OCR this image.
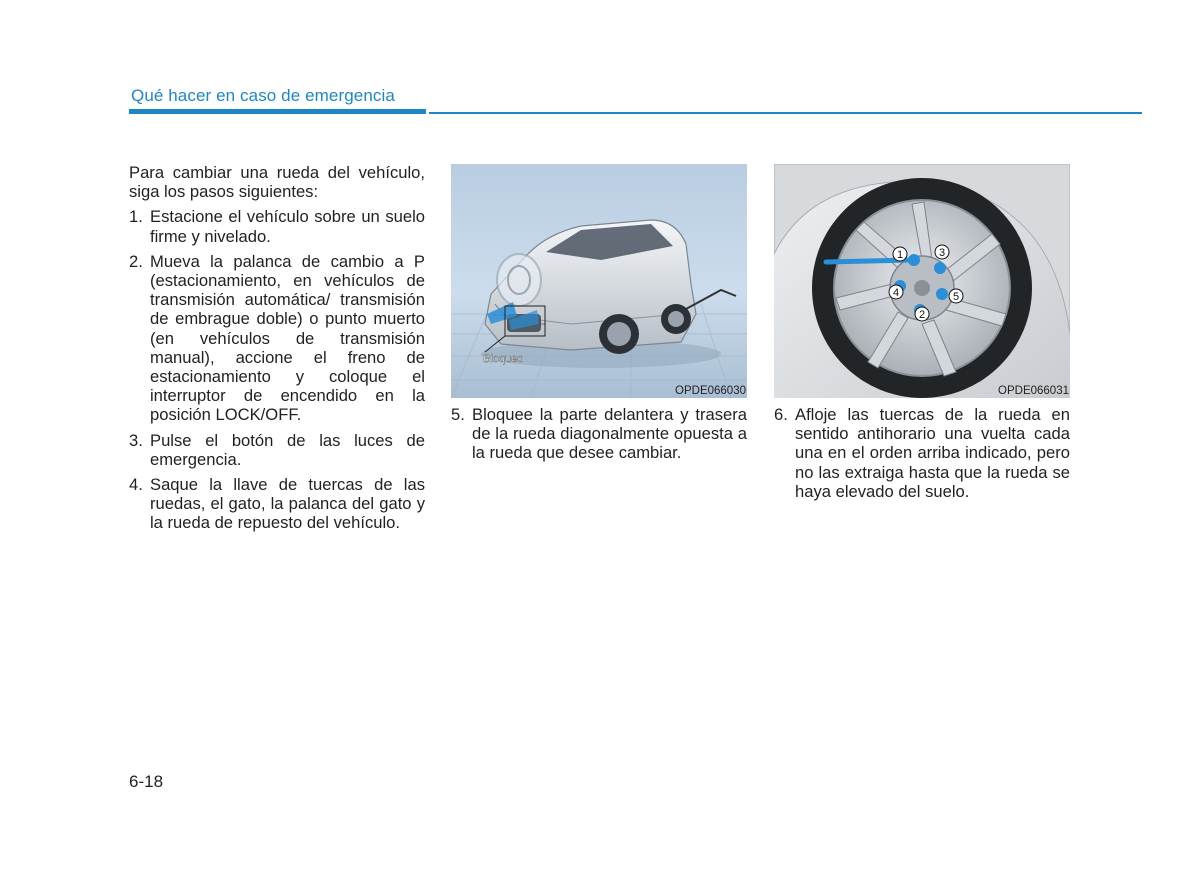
Qué hacer en caso de emergencia

Para cambiar una rueda del vehículo, siga los pasos siguientes:

1. Estacione el vehículo sobre un suelo firme y nivelado.
2. Mueva la palanca de cambio a P (estacionamiento, en vehículos de transmisión automática/ transmisión de embrague doble) o punto muerto (en vehículos de transmisión manual), accione el freno de estacionamiento y coloque el interruptor de encendido en la posición LOCK/OFF.
3. Pulse el botón de las luces de emergencia.
4. Saque la llave de tuercas de las ruedas, el gato, la palanca del gato y la rueda de repuesto del vehículo.
Bloqueo
OPDE066030
1
2
3
4	5
OPDE066031
5. Bloquee la parte delantera y trasera de la rueda diagonalmente opuesta a la rueda que desee cambiar.
6. Afloje las tuercas de la rueda en sentido antihorario una vuelta cada una en el orden arriba indicado, pero no las extraiga hasta que la rueda se haya elevado del suelo.
6-18
